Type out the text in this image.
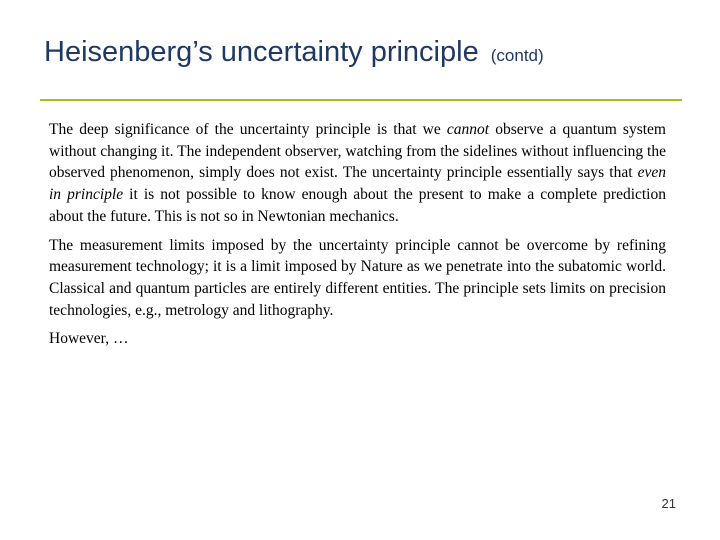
Heisenberg’s uncertainty principle (contd)

The deep significance of the uncertainty principle is that we cannot observe a quantum system without changing it. The independent observer, watching from the sidelines without influencing the observed phenomenon, simply does not exist. The uncertainty principle essentially says that even in principle it is not possible to know enough about the present to make a complete prediction about the future. This is not so in Newtonian mechanics.

The measurement limits imposed by the uncertainty principle cannot be overcome by refining measurement technology; it is a limit imposed by Nature as we penetrate into the subatomic world. Classical and quantum particles are entirely different entities. The principle sets limits on precision technologies, e.g., metrology and lithography.

However, …

21
